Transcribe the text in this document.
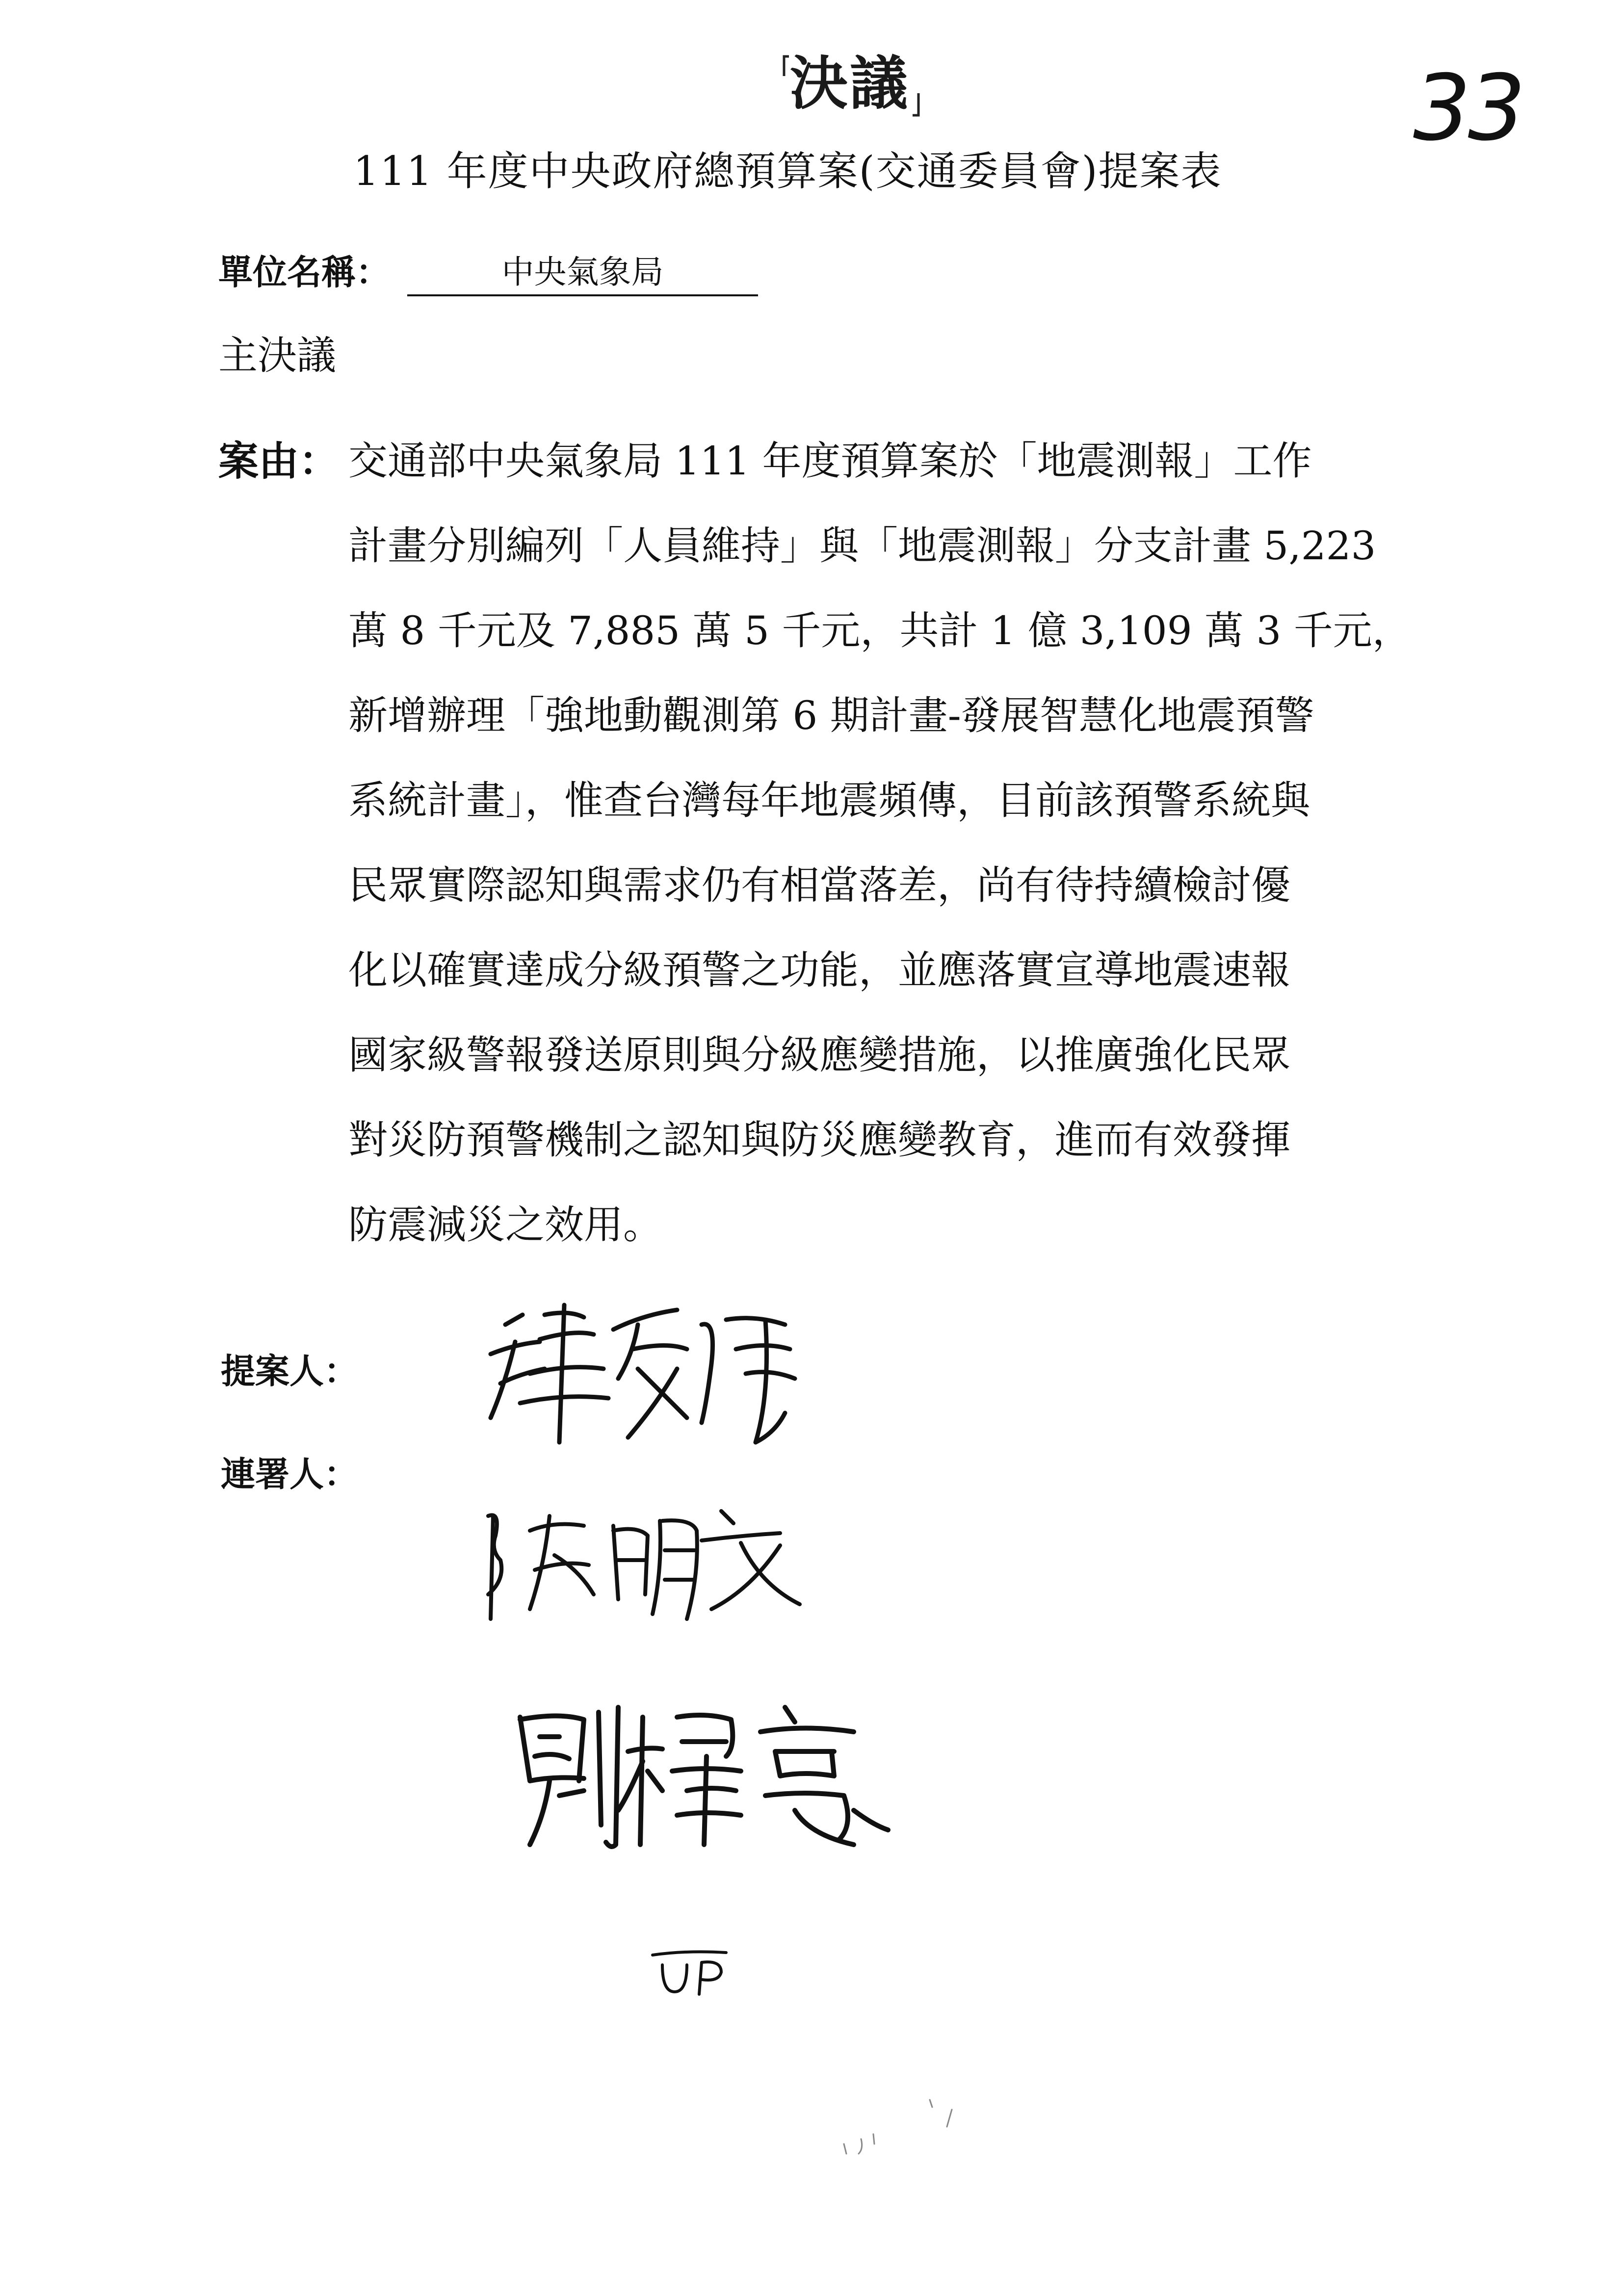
決議	33
111 年度中央政府總預算案(交通委員會)提案表
單位名稱：	中央氣象局
主決議
案由： 交通部中央氣象局 111 年度預算案於「地震測報」工作
計畫分別編列「人員維持」與「地震測報」分支計畫 5,223
萬 8 千元及 7,885 萬 5 千元，共計 1 億 3,109 萬 3 千元，
新增辦理「強地動觀測第 6 期計畫-發展智慧化地震預警
系統計畫」，惟查台灣每年地震頻傳，目前該預警系統與
民眾實際認知與需求仍有相當落差，尚有待持續檢討優
化以確實達成分級預警之功能，並應落實宣導地震速報
國家級警報發送原則與分級應變措施，以推廣強化民眾
對災防預警機制之認知與防災應變教育，進而有效發揮
防震減災之效用。
提案人：
連署人：
